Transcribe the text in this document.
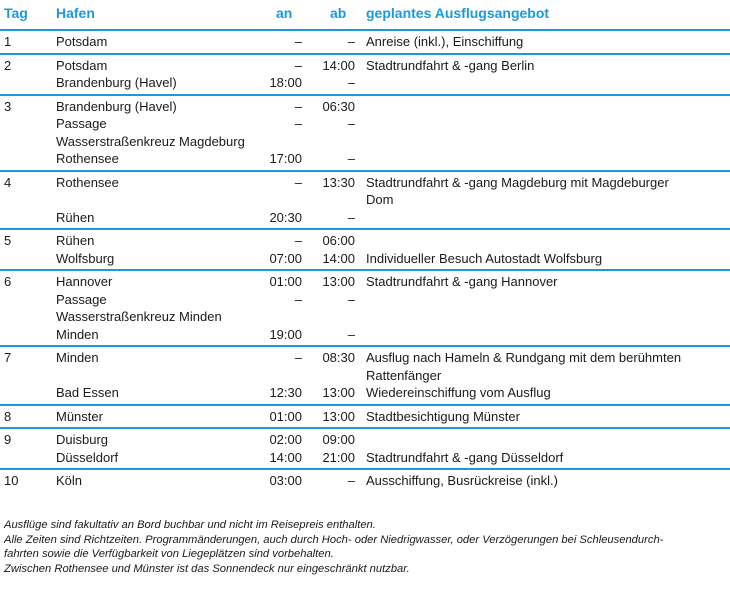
Tag Hafen	an	ab geplantes Ausflugsangebot
1	Potsdam	–	– Anreise (inkl.), Einschiffung
2	Potsdam	–	14:00 Stadtrundfahrt & -gang Berlin
Brandenburg (Havel)	18:00	–
3	Brandenburg (Havel)	–	06:30
Passage	–	–
Wasserstraßenkreuz Magdeburg
Rothensee	17:00	–
4	Rothensee	–	13:30 Stadtrundfahrt & -gang Magdeburg mit Magdeburger
Dom
Rühen	20:30	–
5	Rühen	–	06:00
Wolfsburg	07:00	14:00 Individueller Besuch Autostadt Wolfsburg
6	Hannover	01:00	13:00 Stadtrundfahrt & -gang Hannover
Passage	–	–
Wasserstraßenkreuz Minden
Minden	19:00	–
7	Minden	–	08:30 Ausflug nach Hameln & Rundgang mit dem berühmten
Rattenfänger
Bad Essen	12:30	13:00 Wiedereinschiffung vom Ausflug
8	Münster	01:00	13:00 Stadtbesichtigung Münster
9	Duisburg	02:00	09:00
Düsseldorf	14:00	21:00 Stadtrundfahrt & -gang Düsseldorf
10	Köln	03:00	– Ausschiffung, Busrückreise (inkl.)
Ausflüge sind fakultativ an Bord buchbar und nicht im Reisepreis enthalten.
Alle Zeiten sind Richtzeiten. Programmänderungen, auch durch Hoch- oder Niedrigwasser, oder Verzögerungen bei Schleusendurch-
fahrten sowie die Verfügbarkeit von Liegeplätzen sind vorbehalten.
Zwischen Rothensee und Münster ist das Sonnendeck nur eingeschränkt nutzbar.
